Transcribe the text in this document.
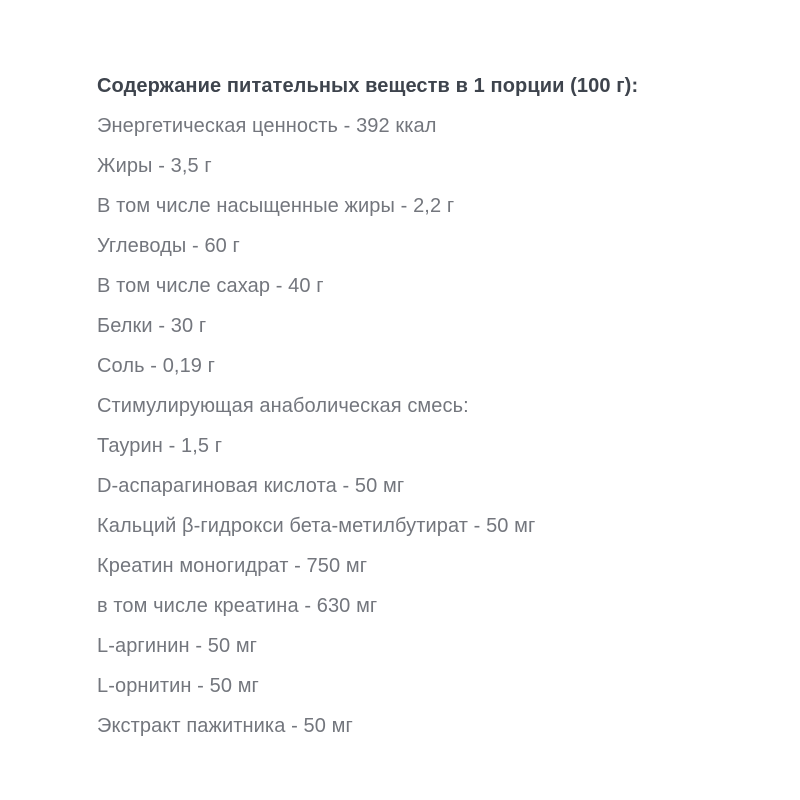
Содержание питательных веществ в 1 порции (100 г):
Энергетическая ценность - 392 ккал
Жиры - 3,5 г
В том числе насыщенные жиры - 2,2 г
Углеводы - 60 г
В том числе сахар - 40 г
Белки - 30 г
Соль - 0,19 г
Стимулирующая анаболическая смесь:
Таурин - 1,5 г
D-аспарагиновая кислота - 50 мг
Кальций β-гидрокси бета-метилбутират - 50 мг
Креатин моногидрат - 750 мг
в том числе креатина - 630 мг
L-аргинин - 50 мг
L-орнитин - 50 мг
Экстракт пажитника - 50 мг
